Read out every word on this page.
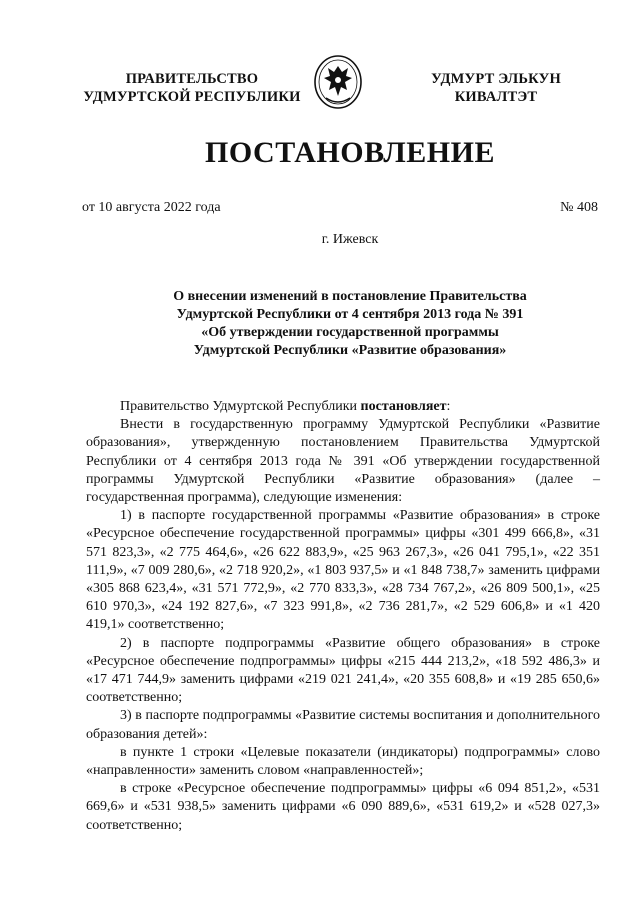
ПРАВИТЕЛЬСТВО
УДМУРТСКОЙ РЕСПУБЛИКИ
УДМУРТ ЭЛЬКУН
КИВАЛТЭТ
ПОСТАНОВЛЕНИЕ
от 10 августа 2022 года	№ 408
г. Ижевск
О внесении изменений в постановление Правительства
Удмуртской Республики от 4 сентября 2013 года № 391
«Об утверждении государственной программы
Удмуртской Республики «Развитие образования»

Правительство Удмуртской Республики постановляет:

Внести в государственную программу Удмуртской Республики «Развитие образования», утвержденную постановлением Правительства Удмуртской Республики от 4 сентября 2013 года № 391 «Об утверждении государственной программы Удмуртской Республики «Развитие образования» (далее – государственная программа), следующие изменения:

1) в паспорте государственной программы «Развитие образования» в строке «Ресурсное обеспечение государственной программы» цифры «301 499 666,8», «31 571 823,3», «2 775 464,6», «26 622 883,9», «25 963 267,3», «26 041 795,1», «22 351 111,9», «7 009 280,6», «2 718 920,2», «1 803 937,5» и «1 848 738,7» заменить цифрами «305 868 623,4», «31 571 772,9», «2 770 833,3», «28 734 767,2», «26 809 500,1», «25 610 970,3», «24 192 827,6», «7 323 991,8», «2 736 281,7», «2 529 606,8» и «1 420 419,1» соответственно;

2) в паспорте подпрограммы «Развитие общего образования» в строке «Ресурсное обеспечение подпрограммы» цифры «215 444 213,2», «18 592 486,3» и «17 471 744,9» заменить цифрами «219 021 241,4», «20 355 608,8» и «19 285 650,6» соответственно;

3) в паспорте подпрограммы «Развитие системы воспитания и дополнительного образования детей»:

в пункте 1 строки «Целевые показатели (индикаторы) подпрограммы» слово «направленности» заменить словом «направленностей»;

в строке «Ресурсное обеспечение подпрограммы» цифры «6 094 851,2», «531 669,6» и «531 938,5» заменить цифрами «6 090 889,6», «531 619,2» и «528 027,3» соответственно;
